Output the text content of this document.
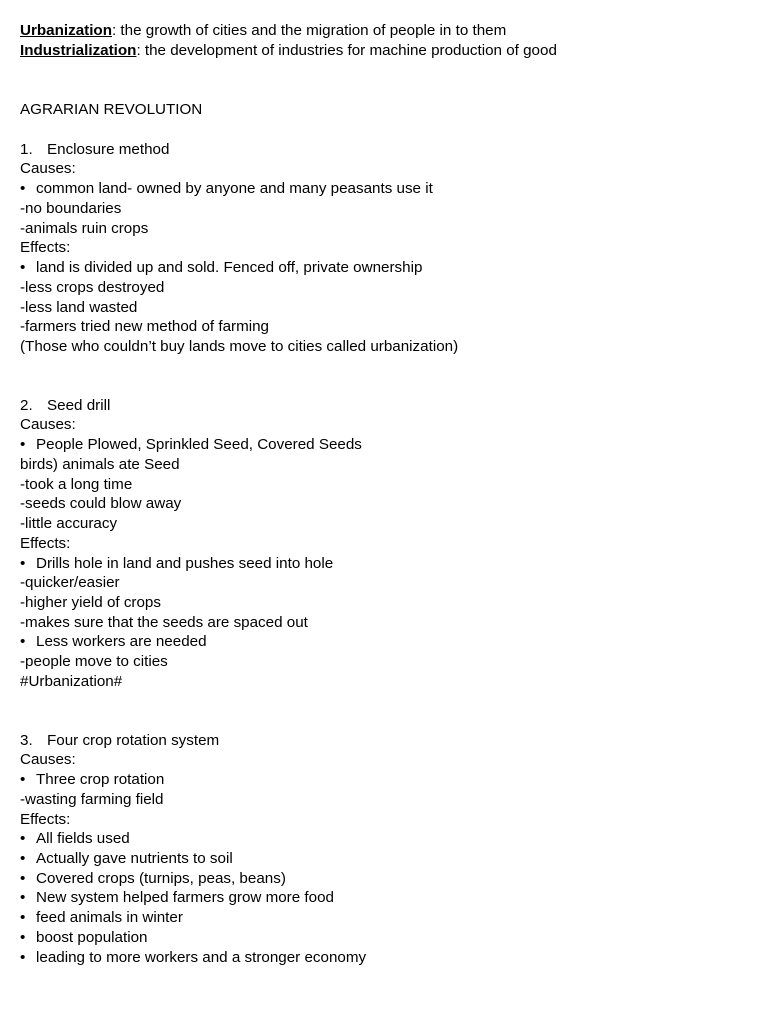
Urbanization: the growth of cities and the migration of people in to them
Industrialization: the development of industries for machine production of good
AGRARIAN REVOLUTION
1. Enclosure method
Causes:
• common land- owned by anyone and many peasants use it
-no boundaries
-animals ruin crops
Effects:
• land is divided up and sold. Fenced off, private ownership
-less crops destroyed
-less land wasted
-farmers tried new method of farming
(Those who couldn’t buy lands move to cities called urbanization)
2. Seed drill
Causes:
• People Plowed, Sprinkled Seed, Covered Seeds
birds) animals ate Seed
-took a long time
-seeds could blow away
-little accuracy
Effects:
• Drills hole in land and pushes seed into hole
-quicker/easier
-higher yield of crops
-makes sure that the seeds are spaced out
• Less workers are needed
-people move to cities
#Urbanization#
3. Four crop rotation system
Causes:
• Three crop rotation
-wasting farming field
Effects:
• All fields used
• Actually gave nutrients to soil
• Covered crops (turnips, peas, beans)
• New system helped farmers grow more food
• feed animals in winter
• boost population
• leading to more workers and a stronger economy
